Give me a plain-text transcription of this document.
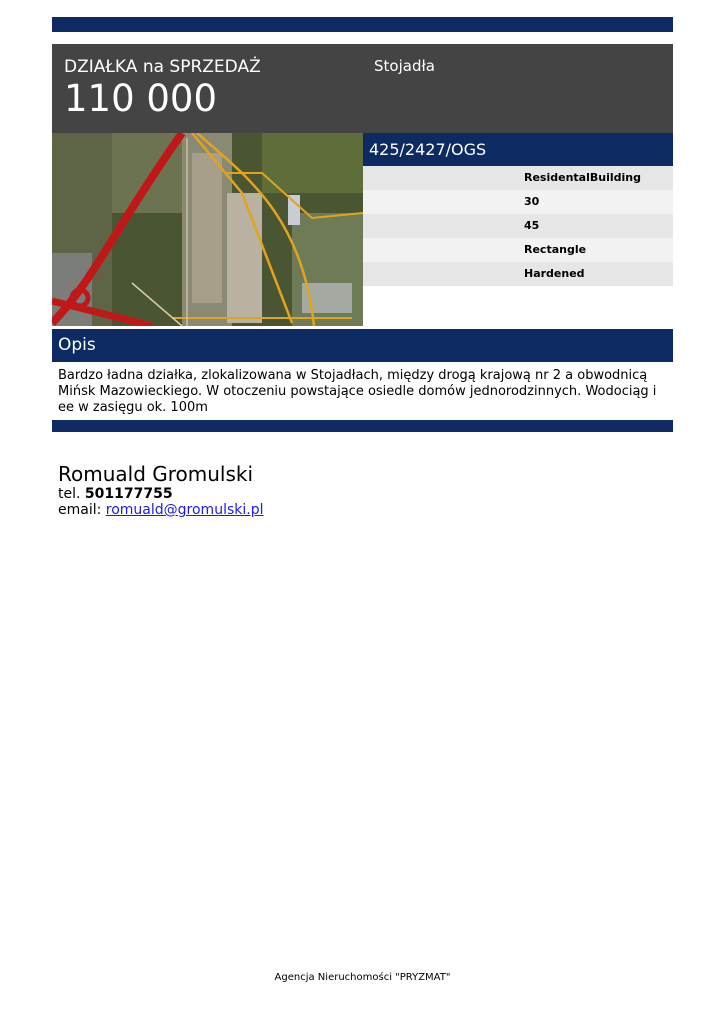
DZIAŁKA na SPRZEDAŻ
110 000
Stojadła
425/2427/OGS
ResidentalBuilding
30
45
Rectangle
Hardened
Opis
Bardzo ładna działka, zlokalizowana w Stojadłach, między drogą krajową nr 2 a obwodnicą Mińsk Mazowieckiego. W otoczeniu powstające osiedle domów jednorodzinnych. Wodociąg i ee w zasięgu ok. 100m
Romuald Gromulski
tel. 501177755
email: romuald@gromulski.pl
Agencja Nieruchomości "PRYZMAT"
